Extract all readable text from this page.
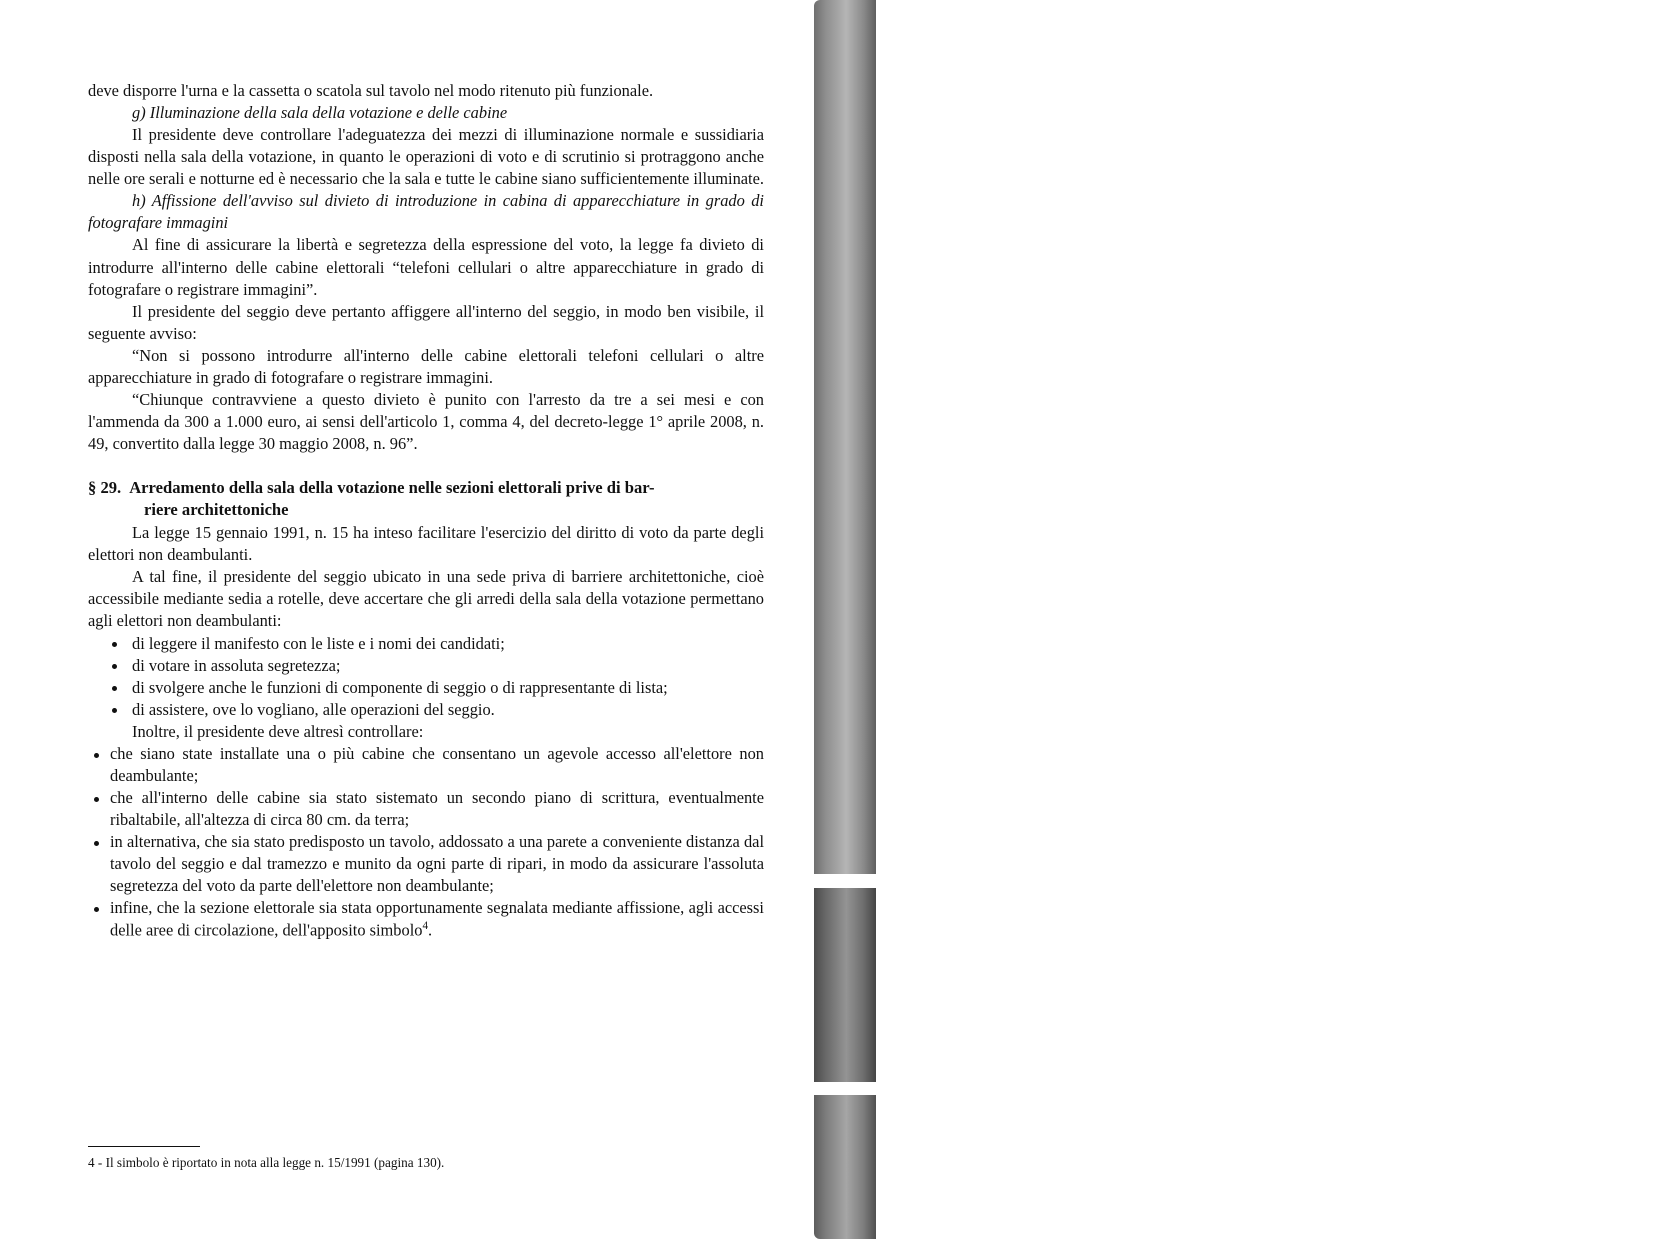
Cap. VIII - Le operazioni preliminari all'insediamento del seggio Operazioni preliminari alla votazione
Parte seconda
23

deve disporre l'urna e la cassetta o scatola sul tavolo nel modo ritenuto più funzionale.

g) Illuminazione della sala della votazione e delle cabine

Il presidente deve controllare l'adeguatezza dei mezzi di illuminazione normale e sussidiaria disposti nella sala della votazione, in quanto le operazioni di voto e di scrutinio si protraggono anche nelle ore serali e notturne ed è necessario che la sala e tutte le cabine siano sufficientemente illuminate.

h) Affissione dell'avviso sul divieto di introduzione in cabina di apparecchiature in grado di fotografare immagini

Al fine di assicurare la libertà e segretezza della espressione del voto, la legge fa divieto di introdurre all'interno delle cabine elettorali “telefoni cellulari o altre apparecchiature in grado di fotografare o registrare immagini”.

Il presidente del seggio deve pertanto affiggere all'interno del seggio, in modo ben visibile, il seguente avviso:

“Non si possono introdurre all'interno delle cabine elettorali telefoni cellulari o altre apparecchiature in grado di fotografare o registrare immagini.

“Chiunque contravviene a questo divieto è punito con l'arresto da tre a sei mesi e con l'ammenda da 300 a 1.000 euro, ai sensi dell'articolo 1, comma 4, del decreto-legge 1° aprile 2008, n. 49, convertito dalla legge 30 maggio 2008, n. 96”.

§ 29. Arredamento della sala della votazione nelle sezioni elettorali prive di bar-
riere architettoniche

La legge 15 gennaio 1991, n. 15 ha inteso facilitare l'esercizio del diritto di voto da parte degli elettori non deambulanti.

A tal fine, il presidente del seggio ubicato in una sede priva di barriere architettoniche, cioè accessibile mediante sedia a rotelle, deve accertare che gli arredi della sala della votazione permettano agli elettori non deambulanti:

di leggere il manifesto con le liste e i nomi dei candidati;
di votare in assoluta segretezza;
di svolgere anche le funzioni di componente di seggio o di rappresentante di lista;
di assistere, ove lo vogliano, alle operazioni del seggio.

Inoltre, il presidente deve altresì controllare:

che siano state installate una o più cabine che consentano un agevole accesso all'elettore non deambulante;

che all'interno delle cabine sia stato sistemato un secondo piano di scrittura, eventualmente ribaltabile, all'altezza di circa 80 cm. da terra;

in alternativa, che sia stato predisposto un tavolo, addossato a una parete a conveniente distanza dal tavolo del seggio e dal tramezzo e munito da ogni parte di ripari, in modo da assicurare l'assoluta segretezza del voto da parte dell'elettore non deambulante;

infine, che la sezione elettorale sia stata opportunamente segnalata mediante affissione, agli accessi delle aree di circolazione, dell'apposito simbolo$^4$.

4 - Il simbolo è riportato in nota alla legge n. 15/1991 (pagina 130).
